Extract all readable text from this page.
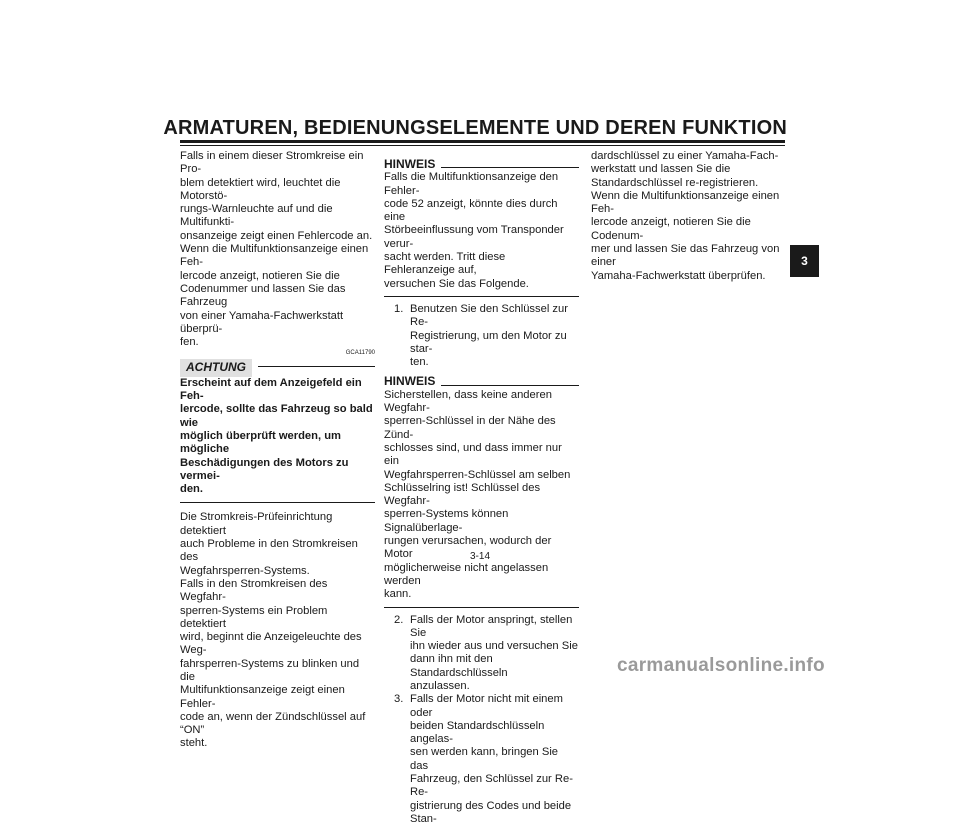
ARMATUREN, BEDIENUNGSELEMENTE UND DEREN FUNKTION

Falls in einem dieser Stromkreise ein Pro-
blem detektiert wird, leuchtet die Motorstö-
rungs-Warnleuchte auf und die Multifunkti-
onsanzeige zeigt einen Fehlercode an.
Wenn die Multifunktionsanzeige einen Feh-
lercode anzeigt, notieren Sie die
Codenummer und lassen Sie das Fahrzeug
von einer Yamaha-Fachwerkstatt überprü-
fen.

GCA11790
ACHTUNG

Erscheint auf dem Anzeigefeld ein Feh-
lercode, sollte das Fahrzeug so bald wie
möglich überprüft werden, um mögliche
Beschädigungen des Motors zu vermei-
den.

Die Stromkreis-Prüfeinrichtung detektiert
auch Probleme in den Stromkreisen des
Wegfahrsperren-Systems.
Falls in den Stromkreisen des Wegfahr-
sperren-Systems ein Problem detektiert
wird, beginnt die Anzeigeleuchte des Weg-
fahrsperren-Systems zu blinken und die
Multifunktionsanzeige zeigt einen Fehler-
code an, wenn der Zündschlüssel auf “ON”
steht.

HINWEIS

Falls die Multifunktionsanzeige den Fehler-
code 52 anzeigt, könnte dies durch eine
Störbeeinflussung vom Transponder verur-
sacht werden. Tritt diese Fehleranzeige auf,
versuchen Sie das Folgende.

1. Benutzen Sie den Schlüssel zur Re-
Registrierung, um den Motor zu star-
ten.

HINWEIS

Sicherstellen, dass keine anderen Wegfahr-
sperren-Schlüssel in der Nähe des Zünd-
schlosses sind, und dass immer nur ein
Wegfahrsperren-Schlüssel am selben
Schlüsselring ist! Schlüssel des Wegfahr-
sperren-Systems können Signalüberlage-
rungen verursachen, wodurch der Motor
möglicherweise nicht angelassen werden
kann.

2. Falls der Motor anspringt, stellen Sie
ihn wieder aus und versuchen Sie
dann ihn mit den Standardschlüsseln
anzulassen.

3. Falls der Motor nicht mit einem oder
beiden Standardschlüsseln angelas-
sen werden kann, bringen Sie das
Fahrzeug, den Schlüssel zur Re-Re-
gistrierung des Codes und beide Stan-

dardschlüssel zu einer Yamaha-Fach-
werkstatt und lassen Sie die
Standardschlüssel re-registrieren.

Wenn die Multifunktionsanzeige einen Feh-
lercode anzeigt, notieren Sie die Codenum-
mer und lassen Sie das Fahrzeug von einer
Yamaha-Fachwerkstatt überprüfen.

3
3-14
carmanualsonline.info
